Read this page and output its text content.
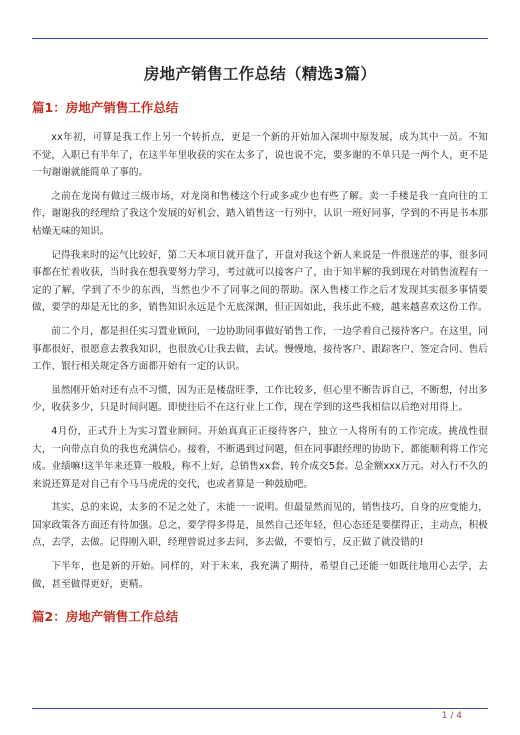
房地产销售工作总结（精选3篇）
篇1：房地产销售工作总结

xx年初，可算是我工作上另一个转折点，更是一个新的开始加入深圳中原发展，成为其中一员。不知不觉，入职已有半年了，在这半年里收获的实在太多了，说也说不完，要多谢的不单只是一两个人，更不是一句谢谢就能简单了事的。

之前在龙岗有做过三级市场，对龙岗和售楼这个行或多或少也有些了解。卖一手楼是我一直向往的工作，谢谢我的经理给了我这个发展的好机会，踏入销售这一行列中，认识一班好同事，学到的不再是书本那枯燥无味的知识。

记得我来时的运气比较好，第二天本项目就开盘了，开盘对我这个新人来说是一件很迷茫的事，很多同事都在忙着收获，当时我在想我要努力学习，考过就可以接客户了，由于知半解的我到现在对销售流程有一定的了解，学到了不少的东西，当然也少不了同事之间的帮助。深入售楼工作之后才发现其实很多事情要做，要学的却是无比的多，销售知识永远是个无底深渊，但正因如此，我乐此不疲，越来越喜欢这份工作。

前二个月，都是担任实习置业顾问，一边协助同事做好销售工作，一边学着自己接待客户。在这里，同事都很好，很愿意去教我知识，也很放心让我去做，去试。慢慢地，接待客户、跟踪客户、签定合同、售后工作、银行相关规定各方面都开始有一定的认识。

虽然刚开始对还有点不习惯，因为正是楼盘旺季，工作比较多，但心里不断告诉自己，不断想，付出多少，收获多少，只是时间问题。即使往后不在这行业上工作，现在学到的这些我相信以后绝对用得上。

4月份，正式升上为实习置业顾问。开始真真正正接待客户，独立一人将所有的工作完成。挑战性很大，一向带点自负的我也充满信心。接着，不断遇到过问题，但在同事跟经理的协助下，都能顺利将工作完成。业绩嘛!这半年来还算一般般，称不上好，总销售xx套，转介成交5套。总金额xxx万元。对入行不久的来说还算是对自己有个马马虎虎的交代，也或者算是一种鼓励吧。

其实，总的来说，太多的不足之处了，未能一一说明。但最显然而见的，销售技巧，自身的应变能力，国家政策各方面还有待加强。总之，要学得多得是，虽然自己还年轻，但心态还是要摆得正，主动点，积极点，去学，去做。记得刚入职，经理曾说过多去问，多去做，不要怕亏，反正做了就没错的!

下半年，也是新的开始。同样的，对于未来，我充满了期待，希望自己还能一如既往地用心去学，去做，甚至做得更好，更精。

篇2：房地产销售工作总结
1 / 4
